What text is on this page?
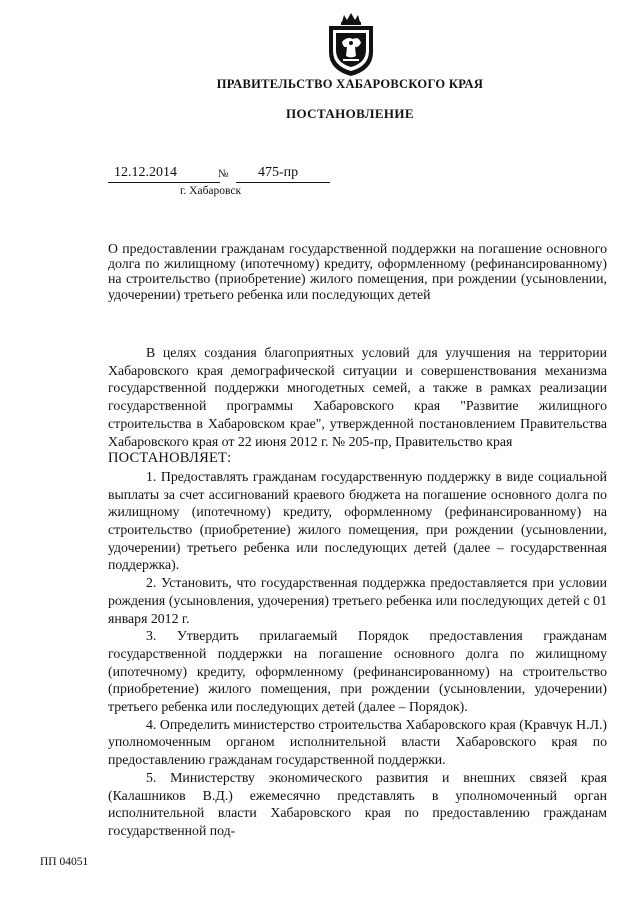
ПРАВИТЕЛЬСТВО ХАБАРОВСКОГО КРАЯ
ПОСТАНОВЛЕНИЕ
12.12.2014	№ 475-пр
г. Хабаровск
О предоставлении гражданам государственной поддержки на погашение основного долга по жилищному (ипотечному) кредиту, оформленному (рефинансированному) на строительство (приобретение) жилого помещения, при рождении (усыновлении, удочерении) третьего ребенка или последующих детей

В целях создания благоприятных условий для улучшения на территории Хабаровского края демографической ситуации и совершенствования механизма государственной поддержки многодетных семей, а также в рамках реализации государственной программы Хабаровского края "Развитие жилищного строительства в Хабаровском крае", утвержденной постановлением Правительства Хабаровского края от 22 июня 2012 г. № 205-пр, Правительство края

ПОСТАНОВЛЯЕТ:

1. Предоставлять гражданам государственную поддержку в виде социальной выплаты за счет ассигнований краевого бюджета на погашение основного долга по жилищному (ипотечному) кредиту, оформленному (рефинансированному) на строительство (приобретение) жилого помещения, при рождении (усыновлении, удочерении) третьего ребенка или последующих детей (далее – государственная поддержка).

2. Установить, что государственная поддержка предоставляется при условии рождения (усыновления, удочерения) третьего ребенка или последующих детей с 01 января 2012 г.

3. Утвердить прилагаемый Порядок предоставления гражданам государственной поддержки на погашение основного долга по жилищному (ипотечному) кредиту, оформленному (рефинансированному) на строительство (приобретение) жилого помещения, при рождении (усыновлении, удочерении) третьего ребенка или последующих детей (далее – Порядок).

4. Определить министерство строительства Хабаровского края (Кравчук Н.Л.) уполномоченным органом исполнительной власти Хабаровского края по предоставлению гражданам государственной поддержки.

5. Министерству экономического развития и внешних связей края (Калашников В.Д.) ежемесячно представлять в уполномоченный орган исполнительной власти Хабаровского края по предоставлению гражданам государственной под-

ПП 04051
